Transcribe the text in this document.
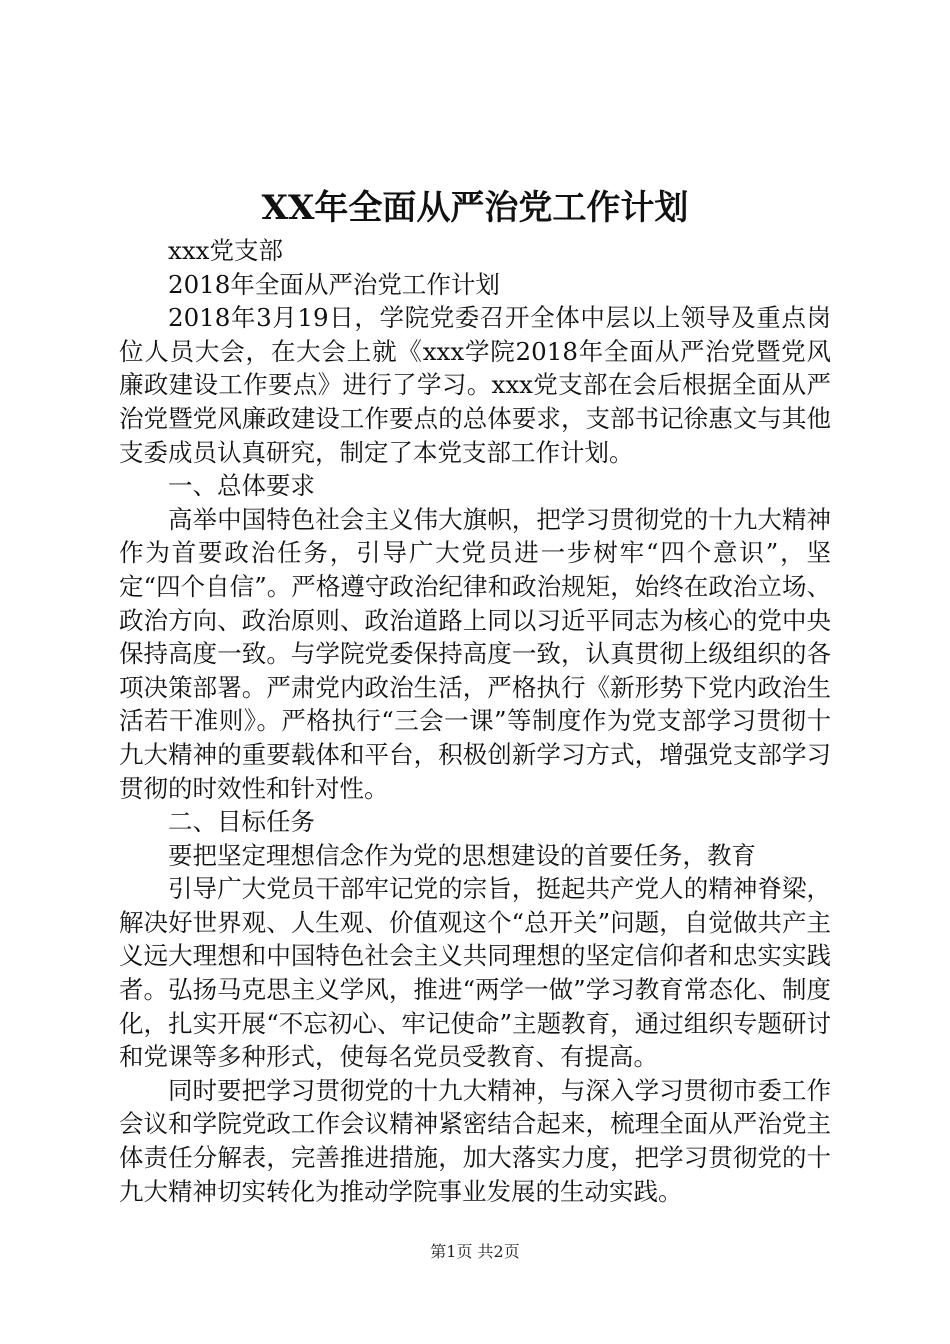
XX年全面从严治党工作计划

xxx党支部

2018年全面从严治党工作计划

2018年3月19日，学院党委召开全体中层以上领导及重点岗位人员大会，在大会上就《xxx学院2018年全面从严治党暨党风廉政建设工作要点》进行了学习。xxx党支部在会后根据全面从严治党暨党风廉政建设工作要点的总体要求，支部书记徐惠文与其他支委成员认真研究，制定了本党支部工作计划。

一、总体要求

高举中国特色社会主义伟大旗帜，把学习贯彻党的十九大精神作为首要政治任务，引导广大党员进一步树牢“四个意识”，坚定“四个自信”。严格遵守政治纪律和政治规矩，始终在政治立场、政治方向、政治原则、政治道路上同以习近平同志为核心的党中央保持高度一致。与学院党委保持高度一致，认真贯彻上级组织的各项决策部署。严肃党内政治生活，严格执行《新形势下党内政治生活若干准则》。严格执行“三会一课”等制度作为党支部学习贯彻十九大精神的重要载体和平台，积极创新学习方式，增强党支部学习贯彻的时效性和针对性。

二、目标任务

要把坚定理想信念作为党的思想建设的首要任务，教育

引导广大党员干部牢记党的宗旨，挺起共产党人的精神脊梁，解决好世界观、人生观、价值观这个“总开关”问题，自觉做共产主义远大理想和中国特色社会主义共同理想的坚定信仰者和忠实实践者。弘扬马克思主义学风，推进“两学一做”学习教育常态化、制度化，扎实开展“不忘初心、牢记使命”主题教育，通过组织专题研讨和党课等多种形式，使每名党员受教育、有提高。

同时要把学习贯彻党的十九大精神，与深入学习贯彻市委工作会议和学院党政工作会议精神紧密结合起来，梳理全面从严治党主体责任分解表，完善推进措施，加大落实力度，把学习贯彻党的十九大精神切实转化为推动学院事业发展的生动实践。

第1页 共2页
